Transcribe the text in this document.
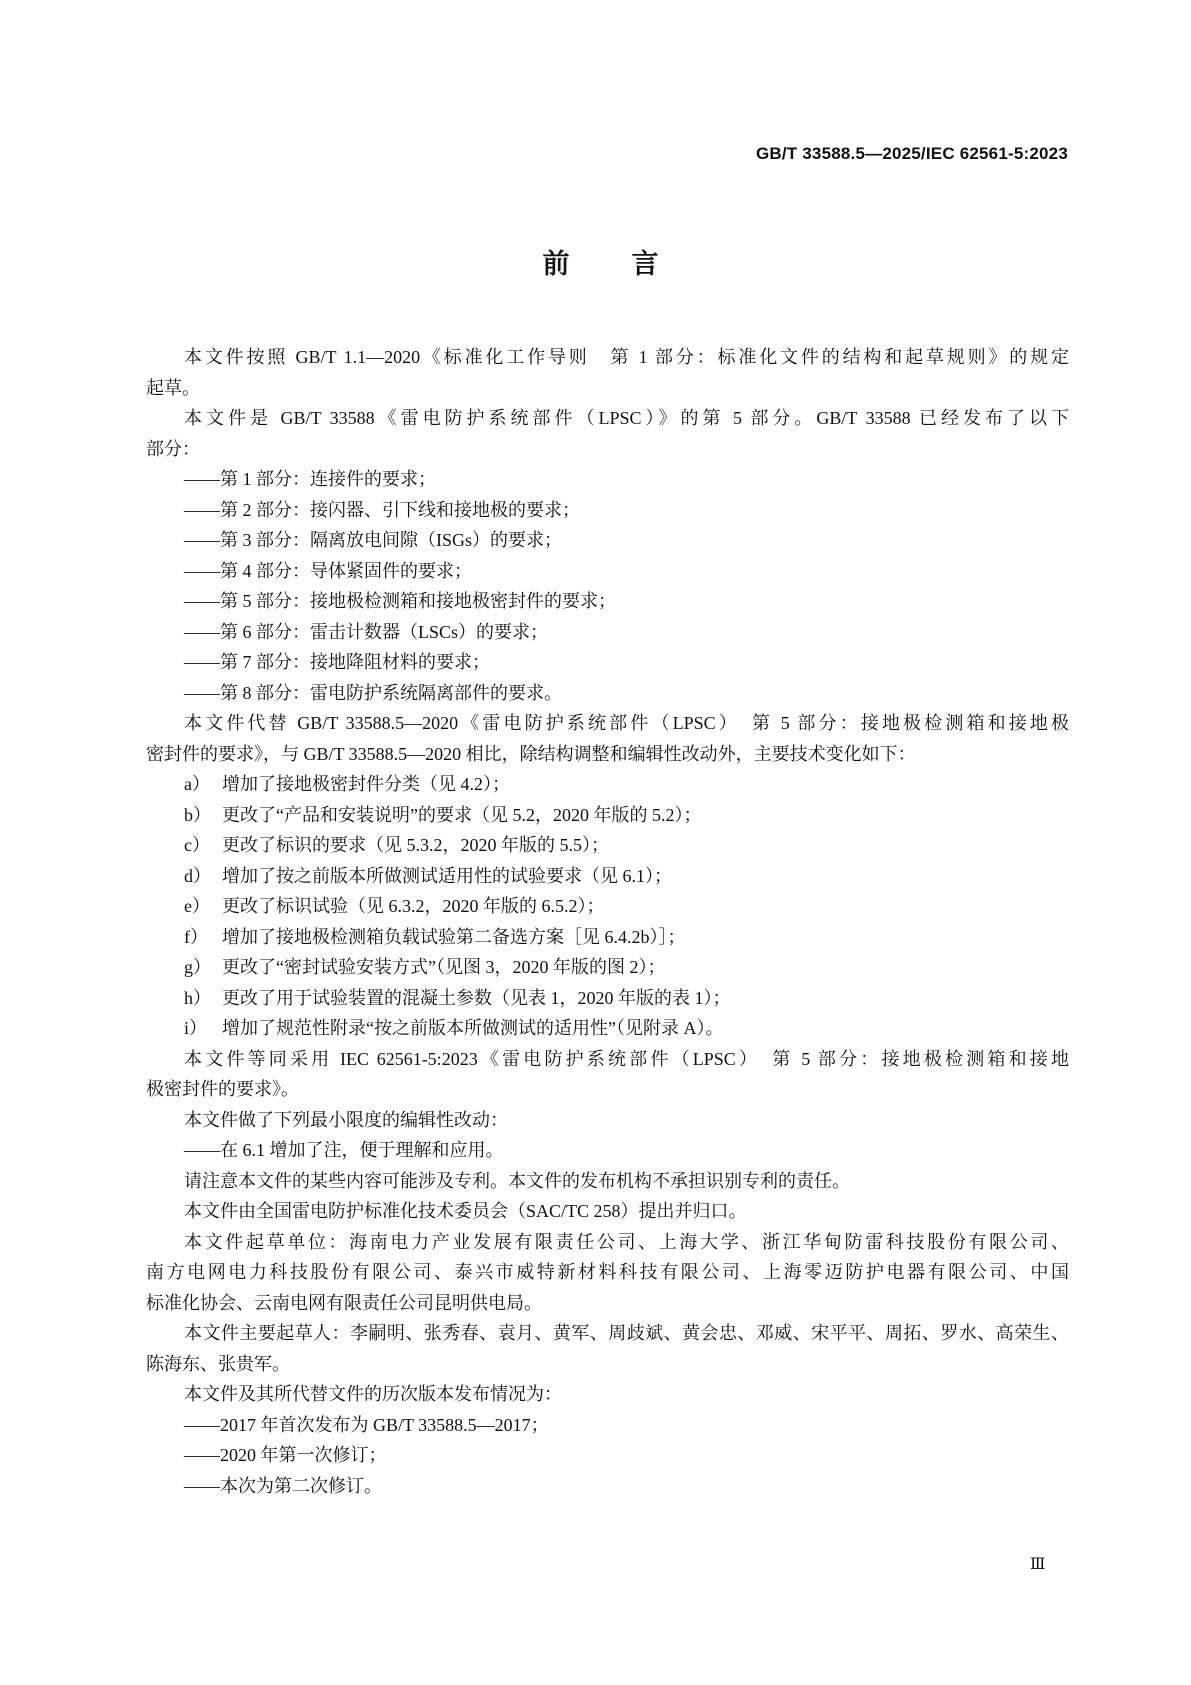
GB/T 33588.5—2025/IEC 62561-5:2023
前言
本文件按照 GB/T 1.1—2020《标准化工作导则　第 1 部分：标准化文件的结构和起草规则》的规定
起草。
本文件是 GB/T 33588《雷电防护系统部件（LPSC）》的第 5 部分。GB/T 33588 已经发布了以下
部分：
——第 1 部分：连接件的要求；
——第 2 部分：接闪器、引下线和接地极的要求；
——第 3 部分：隔离放电间隙（ISGs）的要求；
——第 4 部分：导体紧固件的要求；
——第 5 部分：接地极检测箱和接地极密封件的要求；
——第 6 部分：雷击计数器（LSCs）的要求；
——第 7 部分：接地降阻材料的要求；
——第 8 部分：雷电防护系统隔离部件的要求。
本文件代替 GB/T 33588.5—2020《雷电防护系统部件（LPSC）　第 5 部分：接地极检测箱和接地极
密封件的要求》，与 GB/T 33588.5—2020 相比，除结构调整和编辑性改动外，主要技术变化如下：
a） 增加了接地极密封件分类（见 4.2）；
b） 更改了“产品和安装说明”的要求（见 5.2，2020 年版的 5.2）；
c） 更改了标识的要求（见 5.3.2，2020 年版的 5.5）；
d） 增加了按之前版本所做测试适用性的试验要求（见 6.1）；
e） 更改了标识试验（见 6.3.2，2020 年版的 6.5.2）；
f） 增加了接地极检测箱负载试验第二备选方案［见 6.4.2b）］；
g） 更改了“密封试验安装方式”（见图 3，2020 年版的图 2）；
h） 更改了用于试验装置的混凝土参数（见表 1，2020 年版的表 1）；
i） 增加了规范性附录“按之前版本所做测试的适用性”（见附录 A）。
本文件等同采用 IEC 62561-5:2023《雷电防护系统部件（LPSC）　第 5 部分：接地极检测箱和接地
极密封件的要求》。
本文件做了下列最小限度的编辑性改动：
——在 6.1 增加了注，便于理解和应用。
请注意本文件的某些内容可能涉及专利。本文件的发布机构不承担识别专利的责任。
本文件由全国雷电防护标准化技术委员会（SAC/TC 258）提出并归口。
本文件起草单位：海南电力产业发展有限责任公司、上海大学、浙江华甸防雷科技股份有限公司、
南方电网电力科技股份有限公司、泰兴市威特新材料科技有限公司、上海零迈防护电器有限公司、中国
标准化协会、云南电网有限责任公司昆明供电局。
本文件主要起草人：李嗣明、张秀春、袁月、黄军、周歧斌、黄会忠、邓威、宋平平、周拓、罗水、高荣生、
陈海东、张贵军。
本文件及其所代替文件的历次版本发布情况为：
——2017 年首次发布为 GB/T 33588.5—2017；
——2020 年第一次修订；
——本次为第二次修订。
Ⅲ
